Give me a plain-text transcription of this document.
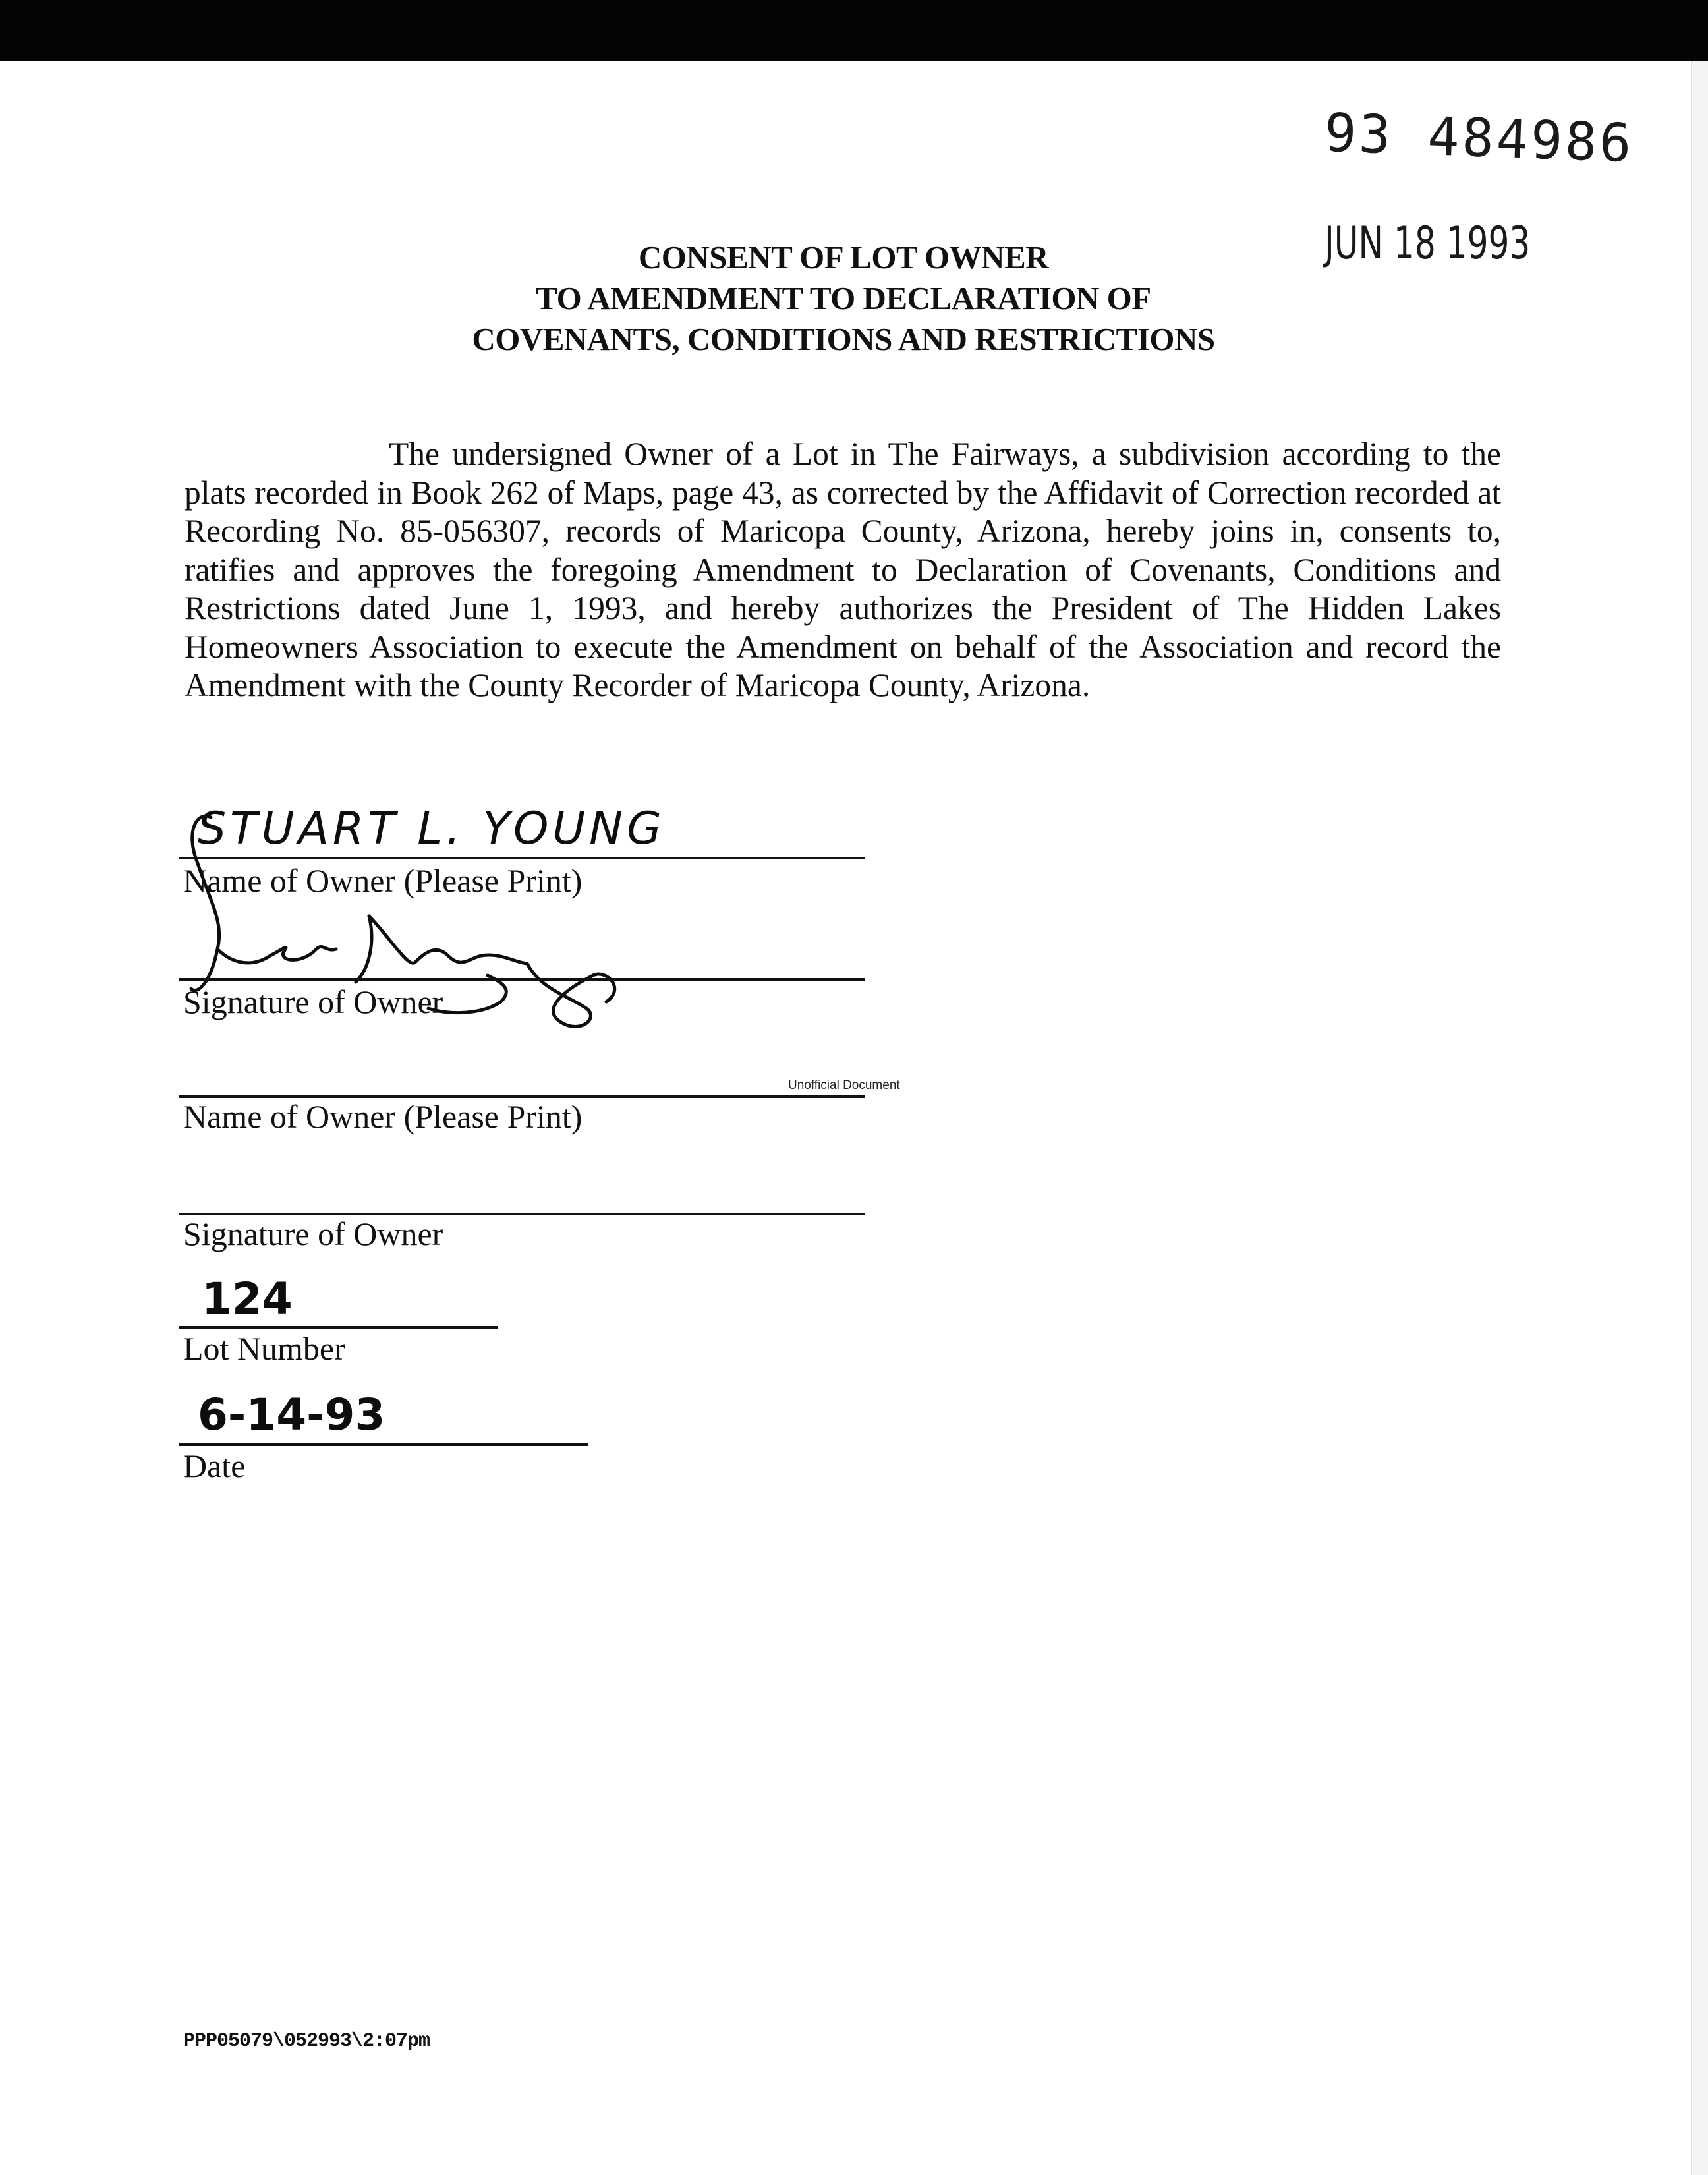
93 484986
JUN 18 1993
CONSENT OF LOT OWNER
TO AMENDMENT TO DECLARATION OF
COVENANTS, CONDITIONS AND RESTRICTIONS
The undersigned Owner of a Lot in The Fairways, a subdivision according to the plats recorded in Book 262 of Maps, page 43, as corrected by the Affidavit of Correction recorded at Recording No. 85-056307, records of Maricopa County, Arizona, hereby joins in, consents to, ratifies and approves the foregoing Amendment to Declaration of Covenants, Conditions and Restrictions dated June 1, 1993, and hereby authorizes the President of The Hidden Lakes Homeowners Association to execute the Amendment on behalf of the Association and record the Amendment with the County Recorder of Maricopa County, Arizona.
STUART L. YOUNG
Name of Owner (Please Print)
Signature of Owner
Unofficial Document
Name of Owner (Please Print)
Signature of Owner
124
Lot Number
6-14-93
Date
PPP05079\052993\2:07pm
